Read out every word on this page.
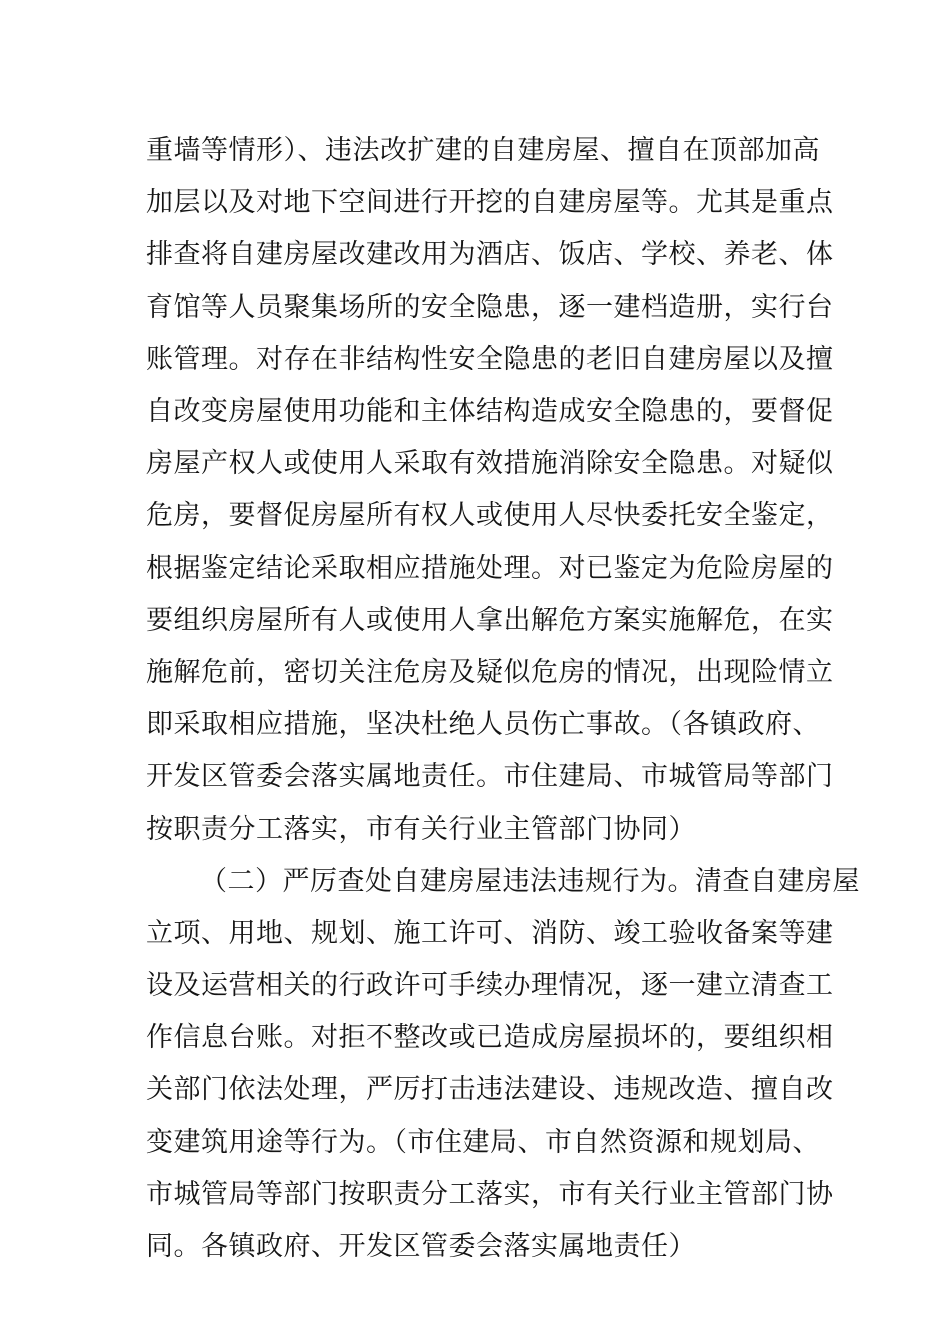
重墙等情形）、违法改扩建的自建房屋、擅自在顶部加高
加层以及对地下空间进行开挖的自建房屋等。尤其是重点
排查将自建房屋改建改用为酒店、饭店、学校、养老、体
育馆等人员聚集场所的安全隐患，逐一建档造册，实行台
账管理。对存在非结构性安全隐患的老旧自建房屋以及擅
自改变房屋使用功能和主体结构造成安全隐患的，要督促
房屋产权人或使用人采取有效措施消除安全隐患。对疑似
危房，要督促房屋所有权人或使用人尽快委托安全鉴定，
根据鉴定结论采取相应措施处理。对已鉴定为危险房屋的
要组织房屋所有人或使用人拿出解危方案实施解危，在实
施解危前，密切关注危房及疑似危房的情况，出现险情立
即采取相应措施，坚决杜绝人员伤亡事故。（各镇政府、
开发区管委会落实属地责任。市住建局、市城管局等部门
按职责分工落实，市有关行业主管部门协同）
（二）严厉查处自建房屋违法违规行为。清查自建房屋
立项、用地、规划、施工许可、消防、竣工验收备案等建
设及运营相关的行政许可手续办理情况，逐一建立清查工
作信息台账。对拒不整改或已造成房屋损坏的，要组织相
关部门依法处理，严厉打击违法建设、违规改造、擅自改
变建筑用途等行为。（市住建局、市自然资源和规划局、
市城管局等部门按职责分工落实，市有关行业主管部门协
同。各镇政府、开发区管委会落实属地责任）
